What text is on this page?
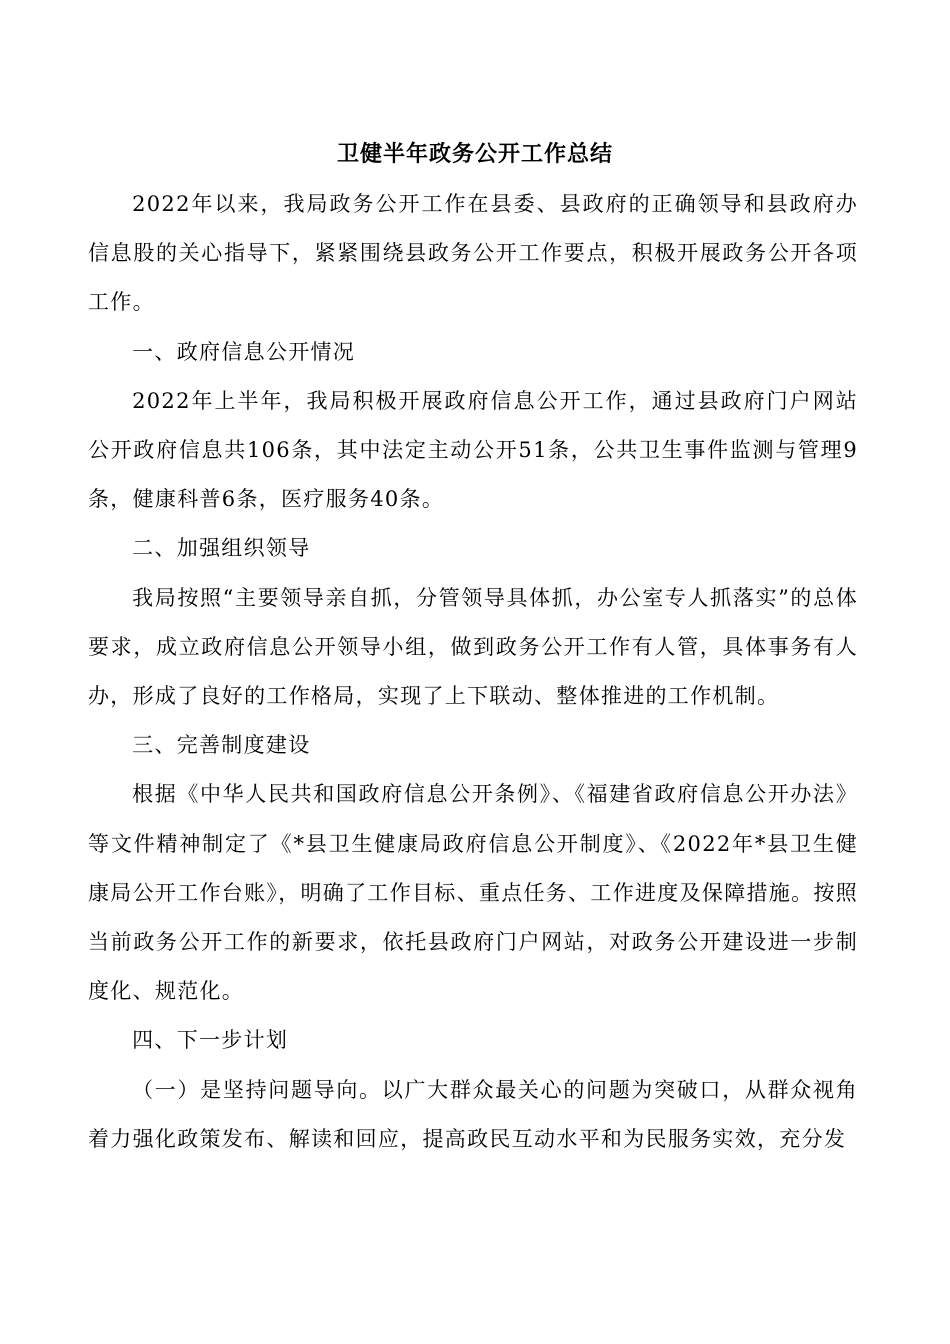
卫健半年政务公开工作总结

2022年以来，我局政务公开工作在县委、县政府的正确领导和县政府办信息股的关心指导下，紧紧围绕县政务公开工作要点，积极开展政务公开各项工作。

一、政府信息公开情况

2022年上半年，我局积极开展政府信息公开工作，通过县政府门户网站公开政府信息共106条，其中法定主动公开51条，公共卫生事件监测与管理9条，健康科普6条，医疗服务40条。

二、加强组织领导

我局按照“主要领导亲自抓，分管领导具体抓，办公室专人抓落实”的总体要求，成立政府信息公开领导小组，做到政务公开工作有人管，具体事务有人办，形成了良好的工作格局，实现了上下联动、整体推进的工作机制。

三、完善制度建设

根据《中华人民共和国政府信息公开条例》、《福建省政府信息公开办法》等文件精神制定了《*县卫生健康局政府信息公开制度》、《2022年*县卫生健康局公开工作台账》，明确了工作目标、重点任务、工作进度及保障措施。按照当前政务公开工作的新要求，依托县政府门户网站，对政务公开建设进一步制度化、规范化。

四、下一步计划

（一）是坚持问题导向。以广大群众最关心的问题为突破口，从群众视角着力强化政策发布、解读和回应，提高政民互动水平和为民服务实效，充分发
